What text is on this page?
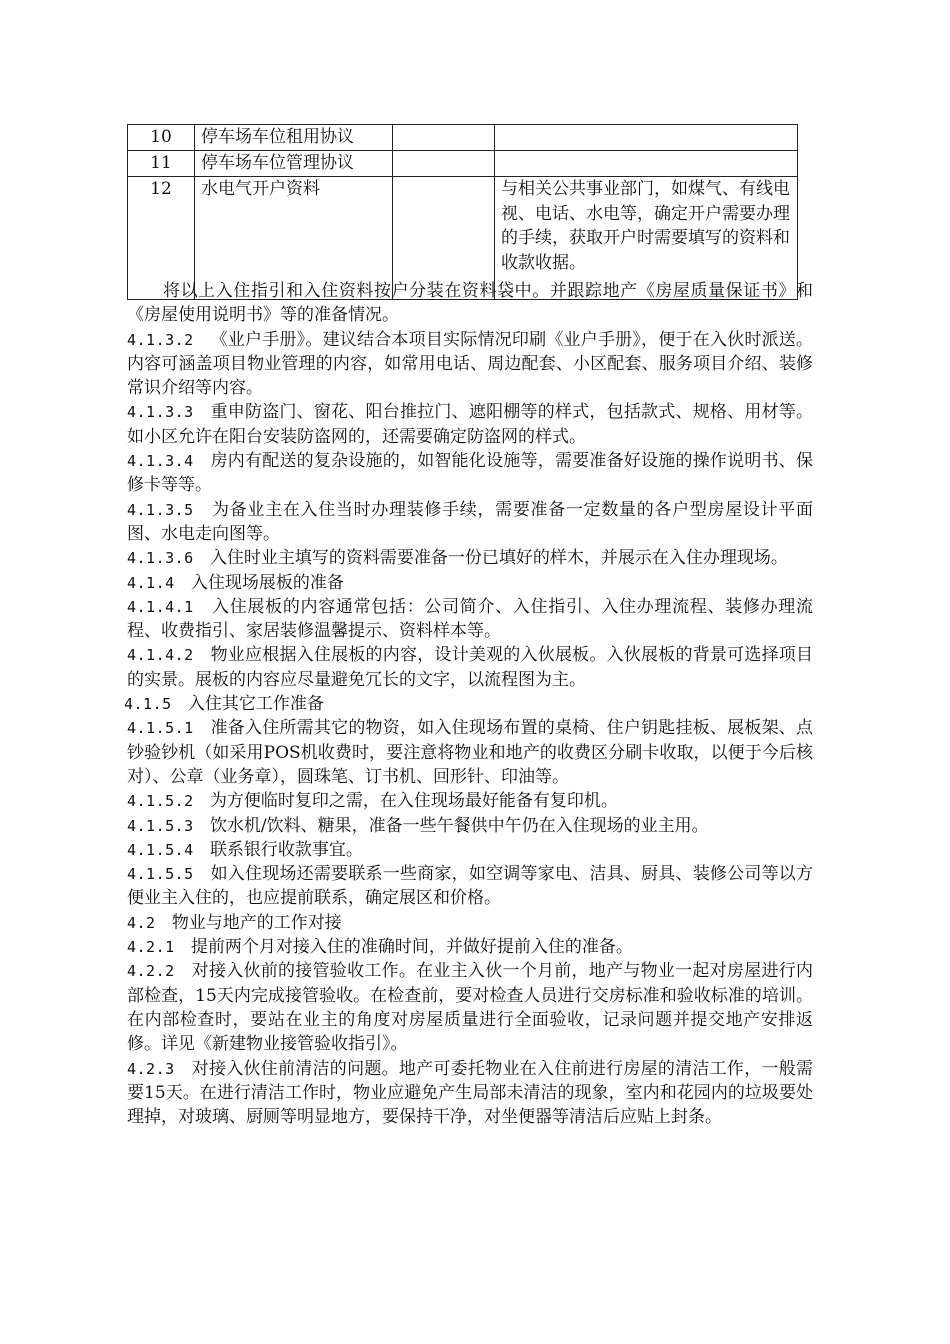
10	停车场车位租用协议		
11	停车场车位管理协议		
12	水电气开户资料		与相关公共事业部门，如煤气、有线电视、电话、水电等，确定开户需要办理的手续，获取开户时需要填写的资料和收款收据。

将以上入住指引和入住资料按户分装在资料袋中。并跟踪地产《房屋质量保证书》和《房屋使用说明书》等的准备情况。

4.1.3.2 《业户手册》。建议结合本项目实际情况印刷《业户手册》，便于在入伙时派送。内容可涵盖项目物业管理的内容，如常用电话、周边配套、小区配套、服务项目介绍、装修常识介绍等内容。

4.1.3.3 重申防盗门、窗花、阳台推拉门、遮阳棚等的样式，包括款式、规格、用材等。如小区允许在阳台安装防盗网的，还需要确定防盗网的样式。

4.1.3.4 房内有配送的复杂设施的，如智能化设施等，需要准备好设施的操作说明书、保修卡等等。

4.1.3.5 为备业主在入住当时办理装修手续，需要准备一定数量的各户型房屋设计平面图、水电走向图等。

4.1.3.6 入住时业主填写的资料需要准备一份已填好的样木，并展示在入住办理现场。

4.1.4 入住现场展板的准备

4.1.4.1 入住展板的内容通常包括：公司简介、入住指引、入住办理流程、装修办理流程、收费指引、家居装修温馨提示、资料样本等。

4.1.4.2 物业应根据入住展板的内容，设计美观的入伙展板。入伙展板的背景可选择项目的实景。展板的内容应尽量避免冗长的文字，以流程图为主。

4.1.5 入住其它工作准备

4.1.5.1 准备入住所需其它的物资，如入住现场布置的桌椅、住户钥匙挂板、展板架、点钞验钞机（如采用POS机收费时，要注意将物业和地产的收费区分刷卡收取，以便于今后核对）、公章（业务章），圆珠笔、订书机、回形针、印油等。

4.1.5.2 为方便临时复印之需，在入住现场最好能备有复印机。

4.1.5.3 饮水机/饮料、糖果，准备一些午餐供中午仍在入住现场的业主用。

4.1.5.4 联系银行收款事宜。

4.1.5.5 如入住现场还需要联系一些商家，如空调等家电、洁具、厨具、装修公司等以方便业主入住的，也应提前联系，确定展区和价格。

4.2 物业与地产的工作对接

4.2.1 提前两个月对接入住的准确时间，并做好提前入住的准备。

4.2.2 对接入伙前的接管验收工作。在业主入伙一个月前，地产与物业一起对房屋进行内部检查，15天内完成接管验收。在检查前，要对检查人员进行交房标准和验收标准的培训。在内部检查时，要站在业主的角度对房屋质量进行全面验收，记录问题并提交地产安排返修。详见《新建物业接管验收指引》。

4.2.3 对接入伙住前清洁的问题。地产可委托物业在入住前进行房屋的清洁工作，一般需要15天。在进行清洁工作时，物业应避免产生局部未清洁的现象，室内和花园内的垃圾要处理掉，对玻璃、厨厕等明显地方，要保持干净，对坐便器等清洁后应贴上封条。
